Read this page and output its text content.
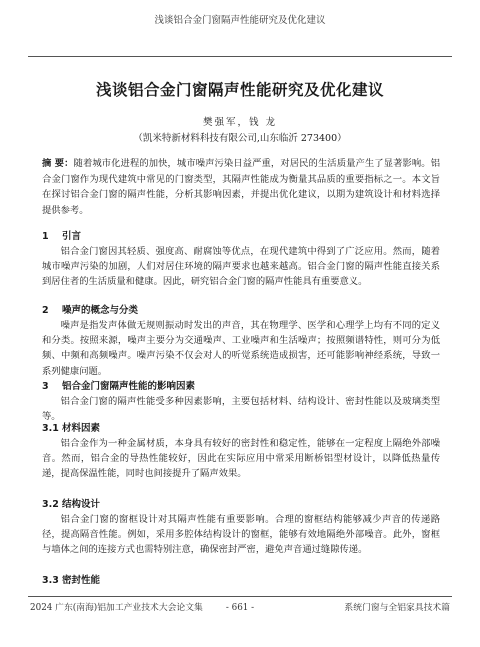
浅谈铝合金门窗隔声性能研究及优化建议
浅谈铝合金门窗隔声性能研究及优化建议
樊强军，钱 龙
（凯米特新材料科技有限公司,山东临沂 273400）
摘 要：随着城市化进程的加快，城市噪声污染日益严重，对居民的生活质量产生了显著影响。铝合金门窗作为现代建筑中常见的门窗类型，其隔声性能成为衡量其品质的重要指标之一。本文旨在探讨铝合金门窗的隔声性能，分析其影响因素，并提出优化建议，以期为建筑设计和材料选择提供参考。
1 引言

铝合金门窗因其轻质、强度高、耐腐蚀等优点，在现代建筑中得到了广泛应用。然而，随着城市噪声污染的加剧，人们对居住环境的隔声要求也越来越高。铝合金门窗的隔声性能直接关系到居住者的生活质量和健康。因此，研究铝合金门窗的隔声性能具有重要意义。

2 噪声的概念与分类

噪声是指发声体做无规则振动时发出的声音，其在物理学、医学和心理学上均有不同的定义和分类。按照来源，噪声主要分为交通噪声、工业噪声和生活噪声；按照频谱特性，则可分为低频、中频和高频噪声。噪声污染不仅会对人的听觉系统造成损害，还可能影响神经系统，导致一系列健康问题。

3 铝合金门窗隔声性能的影响因素

铝合金门窗的隔声性能受多种因素影响，主要包括材料、结构设计、密封性能以及玻璃类型等。

3.1 材料因素

铝合金作为一种金属材质，本身具有较好的密封性和稳定性，能够在一定程度上隔绝外部噪音。然而，铝合金的导热性能较好，因此在实际应用中常采用断桥铝型材设计，以降低热量传递，提高保温性能，同时也间接提升了隔声效果。

3.2 结构设计

铝合金门窗的窗框设计对其隔声性能有重要影响。合理的窗框结构能够减少声音的传递路径，提高隔音性能。例如，采用多腔体结构设计的窗框，能够有效地隔绝外部噪音。此外，窗框与墙体之间的连接方式也需特别注意，确保密封严密，避免声音通过缝隙传递。

3.3 密封性能
2024 广东(南海)铝加工产业技术大会论文集	- 661 -	系统门窗与全铝家具技术篇
